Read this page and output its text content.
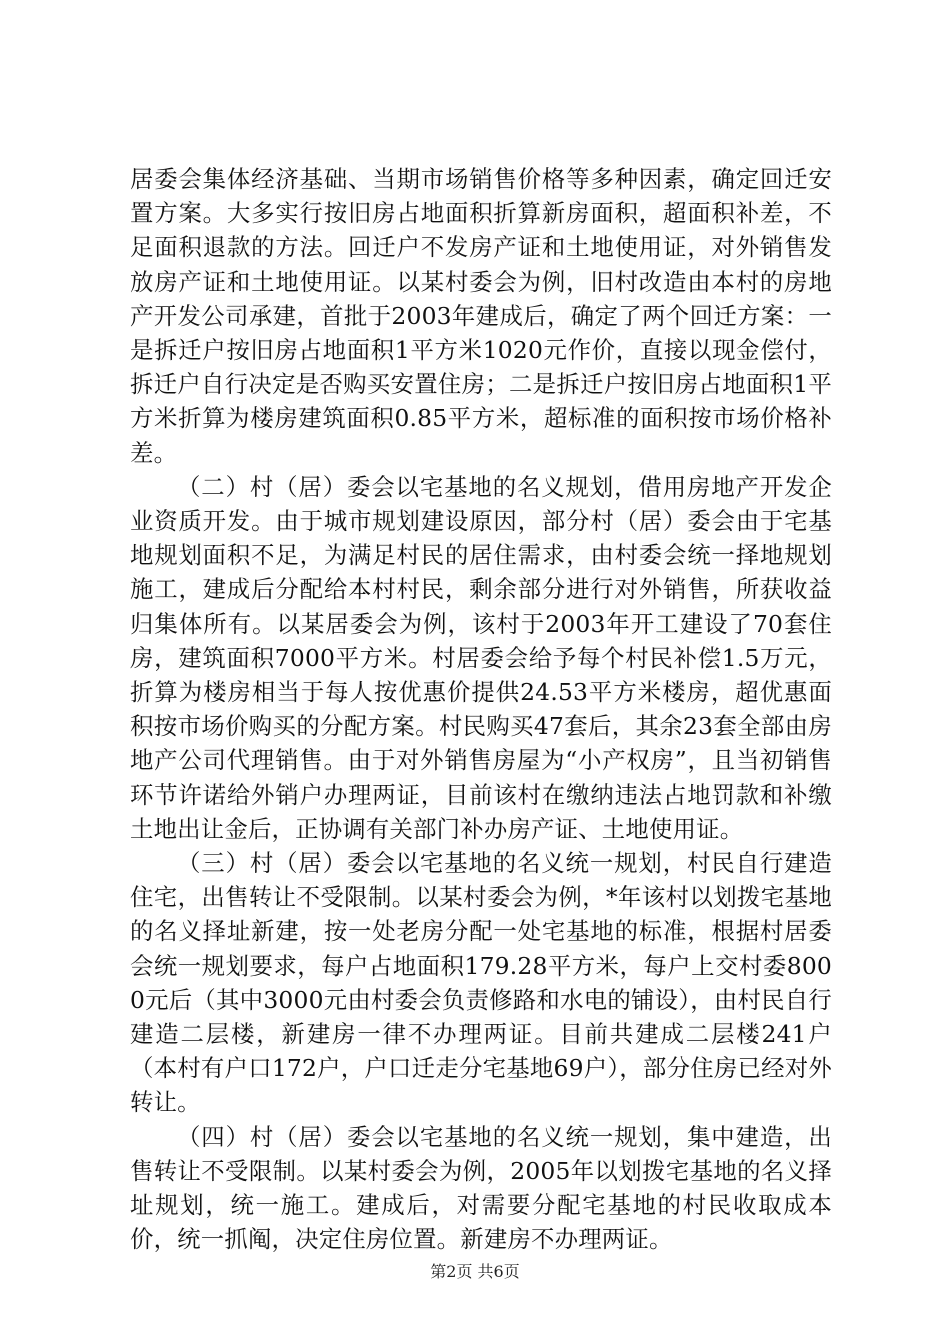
居委会集体经济基础、当期市场销售价格等多种因素，确定回迁安置方案。大多实行按旧房占地面积折算新房面积，超面积补差，不足面积退款的方法。回迁户不发房产证和土地使用证，对外销售发放房产证和土地使用证。以某村委会为例，旧村改造由本村的房地产开发公司承建，首批于2003年建成后，确定了两个回迁方案：一是拆迁户按旧房占地面积1平方米1020元作价，直接以现金偿付，拆迁户自行决定是否购买安置住房；二是拆迁户按旧房占地面积1平方米折算为楼房建筑面积0.85平方米，超标准的面积按市场价格补差。

（二）村（居）委会以宅基地的名义规划，借用房地产开发企业资质开发。由于城市规划建设原因，部分村（居）委会由于宅基地规划面积不足，为满足村民的居住需求，由村委会统一择地规划施工，建成后分配给本村村民，剩余部分进行对外销售，所获收益归集体所有。以某居委会为例，该村于2003年开工建设了70套住房，建筑面积7000平方米。村居委会给予每个村民补偿1.5万元，折算为楼房相当于每人按优惠价提供24.53平方米楼房，超优惠面积按市场价购买的分配方案。村民购买47套后，其余23套全部由房地产公司代理销售。由于对外销售房屋为“小产权房”，且当初销售环节许诺给外销户办理两证，目前该村在缴纳违法占地罚款和补缴土地出让金后，正协调有关部门补办房产证、土地使用证。

（三）村（居）委会以宅基地的名义统一规划，村民自行建造住宅，出售转让不受限制。以某村委会为例，*年该村以划拨宅基地的名义择址新建，按一处老房分配一处宅基地的标准，根据村居委会统一规划要求，每户占地面积179.28平方米，每户上交村委8000元后（其中3000元由村委会负责修路和水电的铺设），由村民自行建造二层楼，新建房一律不办理两证。目前共建成二层楼241户（本村有户口172户，户口迁走分宅基地69户），部分住房已经对外转让。

（四）村（居）委会以宅基地的名义统一规划，集中建造，出售转让不受限制。以某村委会为例，2005年以划拨宅基地的名义择址规划，统一施工。建成后，对需要分配宅基地的村民收取成本价，统一抓阄，决定住房位置。新建房不办理两证。

第2页 共6页
